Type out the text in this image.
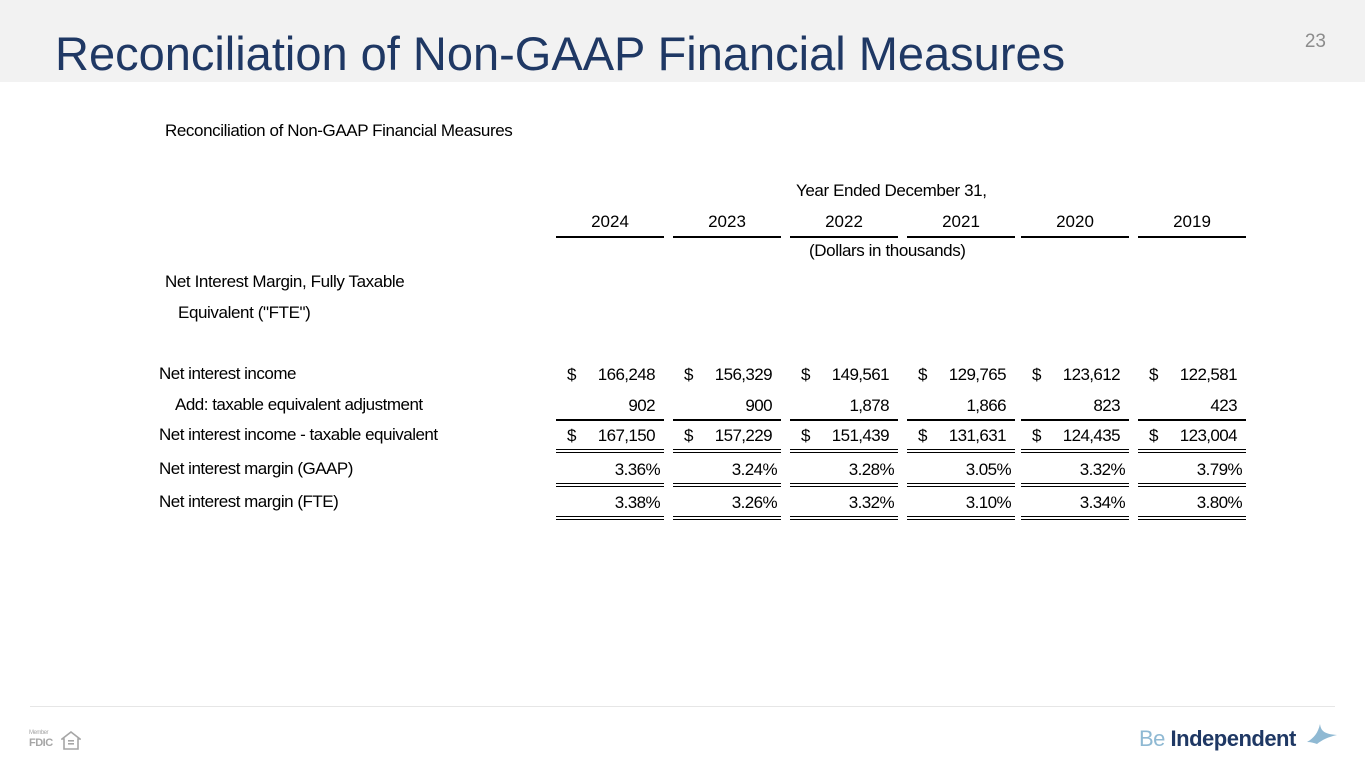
Reconciliation of Non-GAAP Financial Measures	23
Reconciliation of Non-GAAP Financial Measures
Year Ended December 31,
2024	2023	2022	2021	2020	2019
(Dollars in thousands)
Net Interest Margin, Fully Taxable
Equivalent ("FTE")
Net interest income	$ 166,248 $ 156,329 $ 149,561 $ 129,765 $ 123,612 $ 122,581
Add: taxable equivalent adjustment	902	900	1,878	1,866	823	423
Net interest income - taxable equivalent	$ 167,150 $ 157,229 $ 151,439 $ 131,631 $ 124,435 $ 123,004
Net interest margin (GAAP)	3.36%	3.24%	3.28%	3.05%	3.32%	3.79%
Net interest margin (FTE)	3.38%	3.26%	3.32%	3.10%	3.34%	3.80%
Member
FDIC	Be Independent
